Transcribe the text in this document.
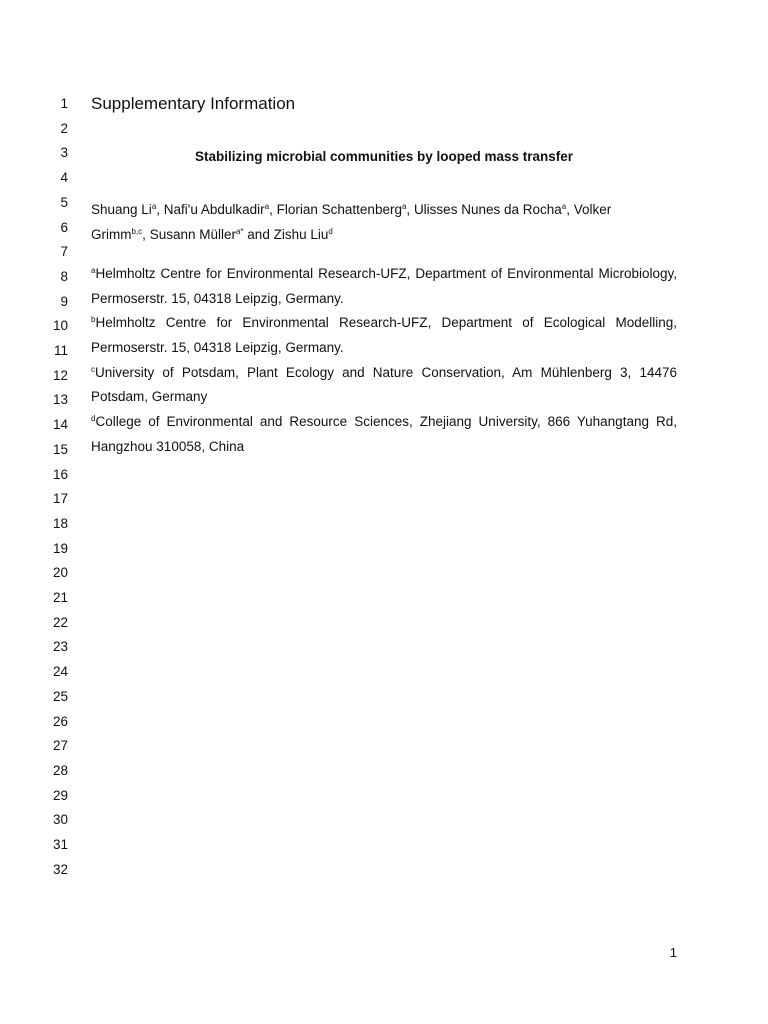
1
2
3
4
5
6
7
8
9
10
11
12
13
14
15
16
17
18
19
20
21
22
23
24
25
26
27
28
29
30
31
32
Supplementary Information
Stabilizing microbial communities by looped mass transfer
Shuang Li$^a$, Nafi'u Abdulkadir$^a$, Florian Schattenberg$^a$, Ulisses Nunes da Rocha$^a$, Volker
Grimm$^{b,c}$, Susann Müller$^{a*}$ and Zishu Liu$^d$
$^a$Helmholtz Centre for Environmental Research-UFZ, Department of Environmental Microbiology,
Permoserstr. 15, 04318 Leipzig, Germany.
$^b$Helmholtz Centre for Environmental Research-UFZ, Department of Ecological Modelling,
Permoserstr. 15, 04318 Leipzig, Germany.
$^c$University of Potsdam, Plant Ecology and Nature Conservation, Am Mühlenberg 3, 14476
Potsdam, Germany
$^d$College of Environmental and Resource Sciences, Zhejiang University, 866 Yuhangtang Rd,
Hangzhou 310058, China
1
